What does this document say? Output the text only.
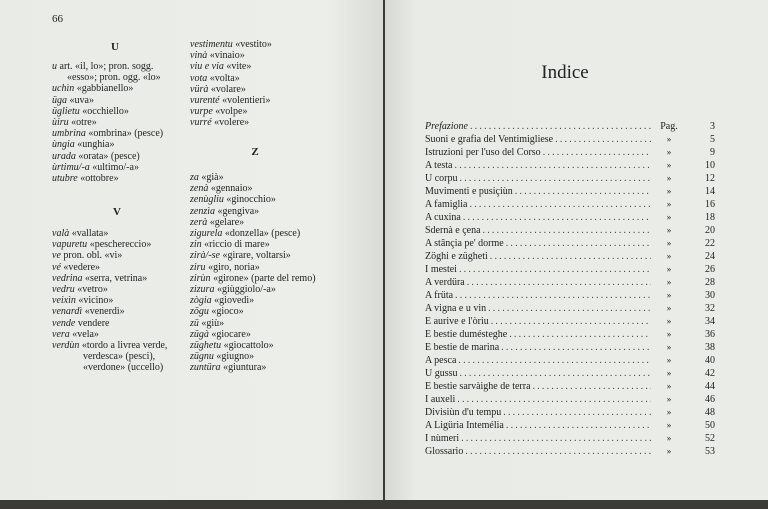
66
U
u art. «il, lo»; pron. sogg.
«esso»; pron. ogg. «lo»
uchìn «gabbianello»
üga «uva»
üglietu «occhiello»
ùiru «otre»
umbrina «ombrina» (pesce)
ùngia «unghia»
urada «orata» (pesce)
ùrtimu/-a «ultimo/-a»
utubre «ottobre»
V
valà «vallata»
vapuretu «peschereccio»
ve pron. obl. «vi»
vé «vedere»
vedrina «serra, vetrina»
vedru «vetro»
veixìn «vicino»
venardì «venerdì»
vende vendere
vera «vela»
verdùn «tordo a livrea verde,
verdesca» (pesci),
«verdone» (uccello)
vestimentu «vestito»
vinà «vinaio»
viu e via «vite»
vota «volta»
vürà «volare»
vurenté «volentieri»
vurpe «volpe»
vurré «volere»
Z
za «già»
zenà «gennaio»
zenùgliu «ginocchio»
zenzìa «gengiva»
zerà «gelare»
zigurela «donzella» (pesce)
zin «riccio di mare»
zirà/-se «girare, voltarsi»
ziru «giro, noria»
zirùn «girone» (parte del remo)
zizura «giùggiolo/-a»
zògia «giovedì»
zögu «gioco»
zü «giù»
zügà «giocare»
züghetu «giocattolo»
zügnu «giugno»
zuntüra «giuntura»
Indice
Prefazione .....	Pag.	3
Suoni e grafia del Ventimigliese .....	»	5
Istruzioni per l'uso del Corso .....	»	9
A testa .....	»	10
U corpu .....	»	12
Muvimenti e pusiçiùn .....	»	14
A famiglia .....	»	16
A cuxina .....	»	18
Sdernà e çena .....	»	20
A stânçia pe' dorme .....	»	22
Zöghi e zügheti .....	»	24
I mestei .....	»	26
A verdüra .....	»	28
A früta .....	»	30
A vigna e u vin .....	»	32
E aurive e l'òriu .....	»	34
E bestie dumésteghe .....	»	36
E bestie de marina .....	»	38
A pesca .....	»	40
U gussu .....	»	42
E bestie sarvàighe de terra .....	»	44
I auxeli .....	»	46
Divisiùn d'u tempu .....	»	48
A Ligüria Intemélia .....	»	50
I nùmeri .....	»	52
Glossario .....	»	53
